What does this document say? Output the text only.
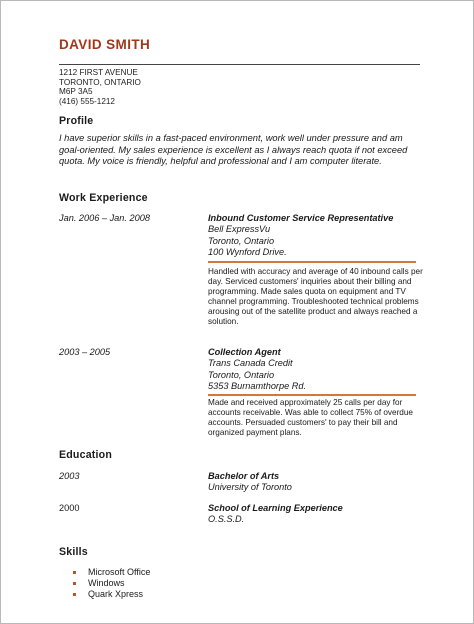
DAVID SMITH
1212 FIRST AVENUE
TORONTO, ONTARIO
M6P 3A5
(416) 555-1212
Profile
I have superior skills in a fast-paced environment, work well under pressure and am goal-oriented. My sales experience is excellent as I always reach quota if not exceed quota. My voice is friendly, helpful and professional and I am computer literate.
Work Experience
Jan. 2006 – Jan. 2008	Inbound Customer Service Representative
Bell ExpressVu
Toronto, Ontario
100 Wynford Drive.
Handled with accuracy and average of 40 inbound calls per day. Serviced customers' inquiries about their billing and programming. Made sales quota on equipment and TV channel programming. Troubleshooted technical problems arousing out of the satellite product and always reached a solution.
2003 – 2005	Collection Agent
Trans Canada Credit
Toronto, Ontario
5353 Burnamthorpe Rd.
Made and received approximately 25 calls per day for accounts receivable. Was able to collect 75% of overdue accounts. Persuaded customers' to pay their bill and organized payment plans.
Education
2003	Bachelor of Arts
University of Toronto
2000	School of Learning Experience
O.S.S.D.
Skills
Microsoft Office
Windows
Quark Xpress
